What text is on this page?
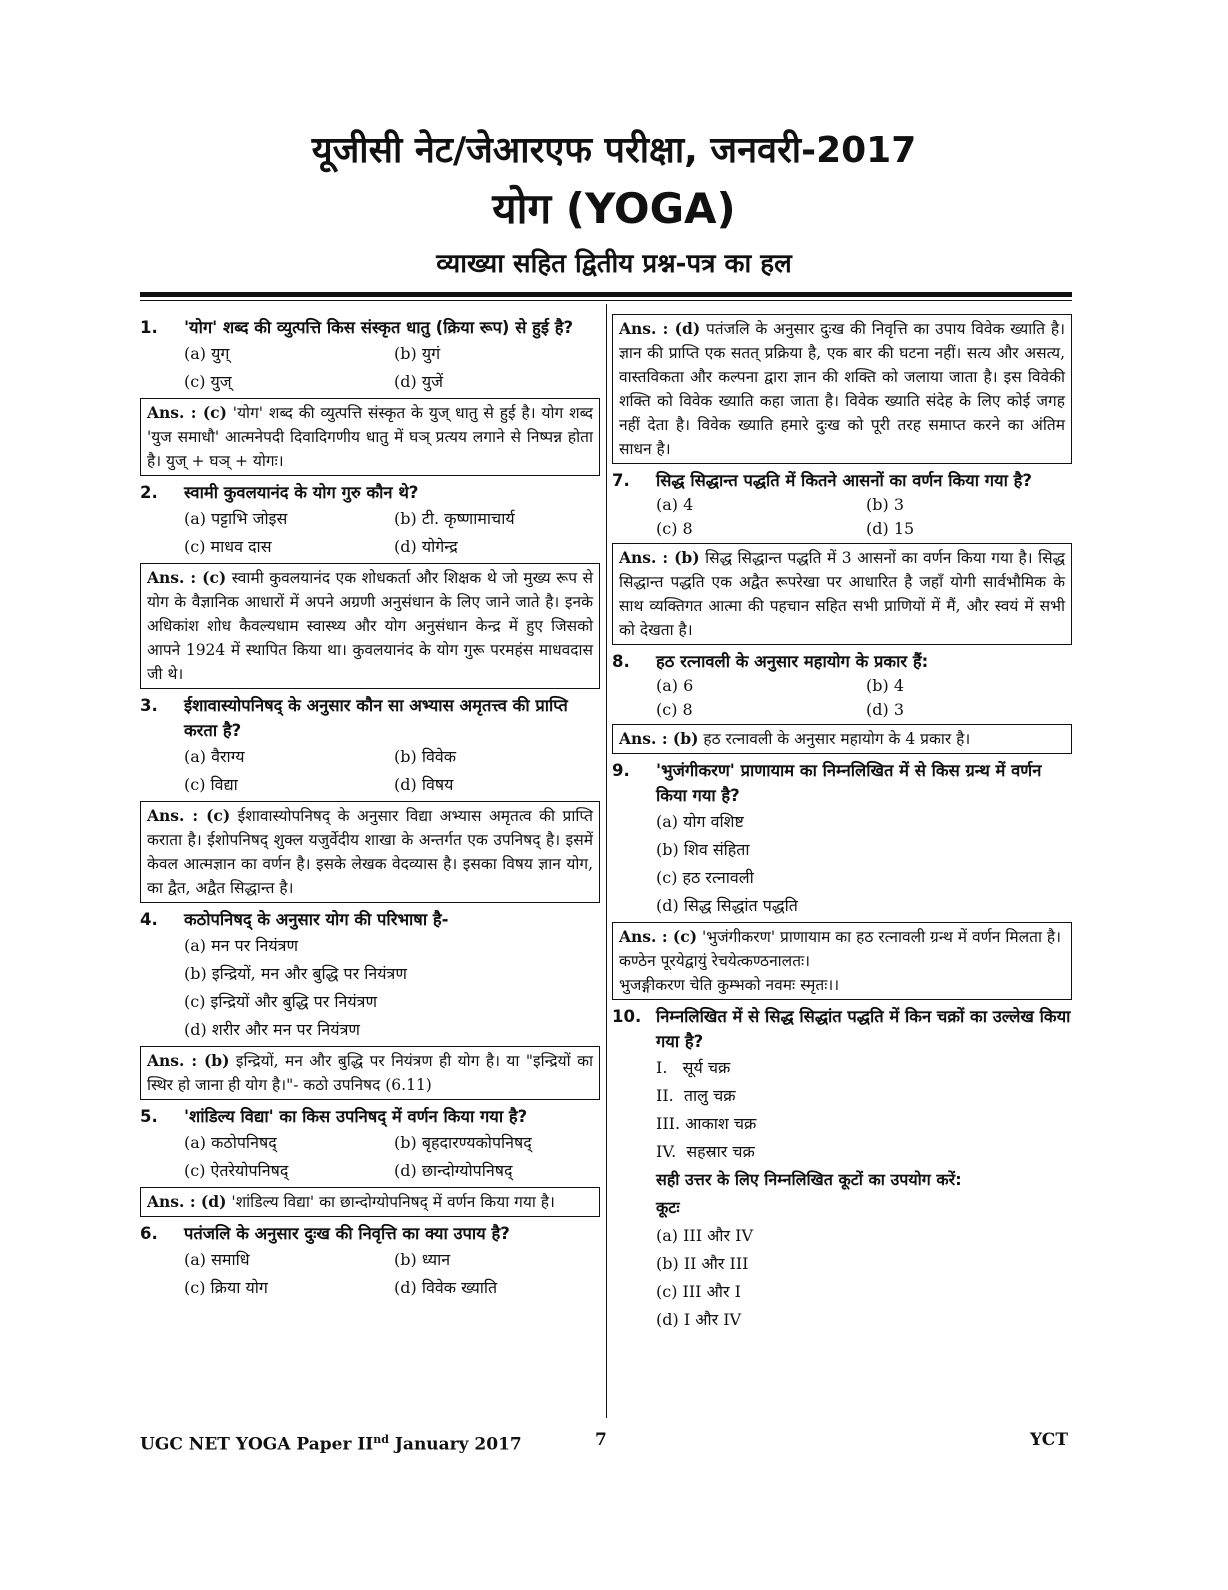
यूजीसी नेट/जेआरएफ परीक्षा, जनवरी-2017
योग (YOGA)
व्याख्या सहित द्वितीय प्रश्न-पत्र का हल
1.	'योग' शब्द की व्युत्पत्ति किस संस्कृत धातु (क्रिया रूप) से हुई है?
(a) युग्	(b) युगं
(c) युज्	(d) युजें
Ans. : (c) 'योग' शब्द की व्युत्पत्ति संस्कृत के युज् धातु से हुई है। योग शब्द 'युज समाधौ' आत्मनेपदी दिवादिगणीय धातु में घञ् प्रत्यय लगाने से निष्पन्न होता है। युज् + घञ् + योगः।
2.	स्वामी कुवलयानंद के योग गुरु कौन थे?
(a) पट्टाभि जोइस	(b) टी. कृष्णामाचार्य
(c) माधव दास	(d) योगेन्द्र
Ans. : (c) स्वामी कुवलयानंद एक शोधकर्ता और शिक्षक थे जो मुख्य रूप से योग के वैज्ञानिक आधारों में अपने अग्रणी अनुसंधान के लिए जाने जाते है। इनके अधिकांश शोध कैवल्यधाम स्वास्थ्य और योग अनुसंधान केन्द्र में हुए जिसको आपने 1924 में स्थापित किया था। कुवलयानंद के योग गुरू परमहंस माधवदास जी थे।
3.	ईशावास्योपनिषद् के अनुसार कौन सा अभ्यास अमृतत्त्व की प्राप्ति करता है?
(a) वैराग्य	(b) विवेक
(c) विद्या	(d) विषय
Ans. : (c) ईशावास्योपनिषद् के अनुसार विद्या अभ्यास अमृतत्व की प्राप्ति कराता है। ईशोपनिषद् शुक्ल यजुर्वेदीय शाखा के अन्तर्गत एक उपनिषद् है। इसमें केवल आत्मज्ञान का वर्णन है। इसके लेखक वेदव्यास है। इसका विषय ज्ञान योग, का द्वैत, अद्वैत सिद्धान्त है।
4.	कठोपनिषद् के अनुसार योग की परिभाषा है-
(a) मन पर नियंत्रण
(b) इन्द्रियों, मन और बुद्धि पर नियंत्रण
(c) इन्द्रियों और बुद्धि पर नियंत्रण
(d) शरीर और मन पर नियंत्रण
Ans. : (b) इन्द्रियों, मन और बुद्धि पर नियंत्रण ही योग है। या "इन्द्रियों का स्थिर हो जाना ही योग है।"- कठो उपनिषद (6.11)
5.	'शांडिल्य विद्या' का किस उपनिषद् में वर्णन किया गया है?
(a) कठोपनिषद्	(b) बृहदारण्यकोपनिषद्
(c) ऐतरेयोपनिषद्	(d) छान्दोग्योपनिषद्
Ans. : (d) 'शांडिल्य विद्या' का छान्दोग्योपनिषद् में वर्णन किया गया है।
6.	पतंजलि के अनुसार दुःख की निवृत्ति का क्या उपाय है?
(a) समाधि	(b) ध्यान
(c) क्रिया योग	(d) विवेक ख्याति
Ans. : (d) पतंजलि के अनुसार दुःख की निवृत्ति का उपाय विवेक ख्याति है। ज्ञान की प्राप्ति एक सतत् प्रक्रिया है, एक बार की घटना नहीं। सत्य और असत्य, वास्तविकता और कल्पना द्वारा ज्ञान की शक्ति को जलाया जाता है। इस विवेकी शक्ति को विवेक ख्याति कहा जाता है। विवेक ख्याति संदेह के लिए कोई जगह नहीं देता है। विवेक ख्याति हमारे दुःख को पूरी तरह समाप्त करने का अंतिम साधन है।
7.	सिद्ध सिद्धान्त पद्धति में कितने आसनों का वर्णन किया गया है?
(a) 4	(b) 3
(c) 8	(d) 15
Ans. : (b) सिद्ध सिद्धान्त पद्धति में 3 आसनों का वर्णन किया गया है। सिद्ध सिद्धान्त पद्धति एक अद्वैत रूपरेखा पर आधारित है जहाँ योगी सार्वभौमिक के साथ व्यक्तिगत आत्मा की पहचान सहित सभी प्राणियों में मैं, और स्वयं में सभी को देखता है।
8.	हठ रत्नावली के अनुसार महायोग के प्रकार हैं:
(a) 6	(b) 4
(c) 8	(d) 3
Ans. : (b) हठ रत्नावली के अनुसार महायोग के 4 प्रकार है।
9.	'भुजंगीकरण' प्राणायाम का निम्नलिखित में से किस ग्रन्थ में वर्णन किया गया है?
(a) योग वशिष्ट
(b) शिव संहिता
(c) हठ रत्नावली
(d) सिद्ध सिद्धांत पद्धति
Ans. : (c) 'भुजंगीकरण' प्राणायाम का हठ रत्नावली ग्रन्थ में वर्णन मिलता है।
कण्ठेन पूरयेद्वायुं रेचयेत्कण्ठनालतः।
भुजङ्गीकरण चेति कुम्भको नवमः स्मृतः।।
10. निम्नलिखित में से सिद्ध सिद्धांत पद्धति में किन चक्रों का उल्लेख किया गया है?
I.   सूर्य चक्र
II.  तालु चक्र
III. आकाश चक्र
IV.  सहस्रार चक्र
सही उत्तर के लिए निम्नलिखित कूटों का उपयोग करें:
कूटः
(a) III और IV
(b) II और III
(c) III और I
(d) I और IV
UGC NET YOGA Paper IInd January 2017	7	YCT
